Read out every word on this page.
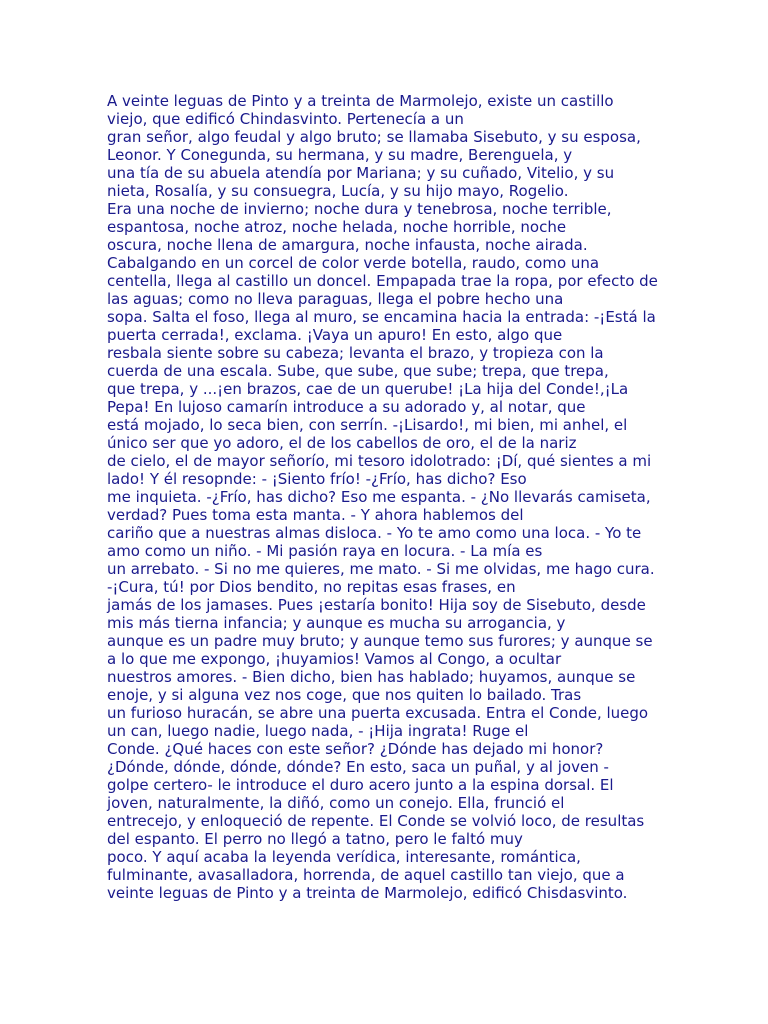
A veinte leguas de Pinto y a treinta de Marmolejo, existe un castillo
viejo, que edificó Chindasvinto. Pertenecía a un
gran señor, algo feudal y algo bruto; se llamaba Sisebuto, y su esposa,
Leonor. Y Conegunda, su hermana, y su madre, Berenguela, y
una tía de su abuela atendía por Mariana; y su cuñado, Vitelio, y su
nieta, Rosalía, y su consuegra, Lucía, y su hijo mayo, Rogelio.
Era una noche de invierno; noche dura y tenebrosa, noche terrible,
espantosa, noche atroz, noche helada, noche horrible, noche
oscura, noche llena de amargura, noche infausta, noche airada.
Cabalgando en un corcel de color verde botella, raudo, como una
centella, llega al castillo un doncel. Empapada trae la ropa, por efecto de
las aguas; como no lleva paraguas, llega el pobre hecho una
sopa. Salta el foso, llega al muro, se encamina hacia la entrada: -¡Está la
puerta cerrada!, exclama. ¡Vaya un apuro! En esto, algo que
resbala siente sobre su cabeza; levanta el brazo, y tropieza con la
cuerda de una escala. Sube, que sube, que sube; trepa, que trepa,
que trepa, y ...¡en brazos, cae de un querube! ¡La hija del Conde!,¡La
Pepa! En lujoso camarín introduce a su adorado y, al notar, que
está mojado, lo seca bien, con serrín. -¡Lisardo!, mi bien, mi anhel, el
único ser que yo adoro, el de los cabellos de oro, el de la nariz
de cielo, el de mayor señorío, mi tesoro idolotrado: ¡Dí, qué sientes a mi
lado! Y él resopnde: - ¡Siento frío! -¿Frío, has dicho? Eso
me inquieta. -¿Frío, has dicho? Eso me espanta. - ¿No llevarás camiseta,
verdad? Pues toma esta manta. - Y ahora hablemos del
cariño que a nuestras almas disloca. - Yo te amo como una loca. - Yo te
amo como un niño. - Mi pasión raya en locura. - La mía es
un arrebato. - Si no me quieres, me mato. - Si me olvidas, me hago cura.
-¡Cura, tú! por Dios bendito, no repitas esas frases, en
jamás de los jamases. Pues ¡estaría bonito! Hija soy de Sisebuto, desde
mis más tierna infancia; y aunque es mucha su arrogancia, y
aunque es un padre muy bruto; y aunque temo sus furores; y aunque se
a lo que me expongo, ¡huyamios! Vamos al Congo, a ocultar
nuestros amores. - Bien dicho, bien has hablado; huyamos, aunque se
enoje, y si alguna vez nos coge, que nos quiten lo bailado. Tras
un furioso huracán, se abre una puerta excusada. Entra el Conde, luego
un can, luego nadie, luego nada, - ¡Hija ingrata! Ruge el
Conde. ¿Qué haces con este señor? ¿Dónde has dejado mi honor?
¿Dónde, dónde, dónde, dónde? En esto, saca un puñal, y al joven -
golpe certero- le introduce el duro acero junto a la espina dorsal. El
joven, naturalmente, la diñó, como un conejo. Ella, frunció el
entrecejo, y enloqueció de repente. El Conde se volvió loco, de resultas
del espanto. El perro no llegó a tatno, pero le faltó muy
poco. Y aquí acaba la leyenda verídica, interesante, romántica,
fulminante, avasalladora, horrenda, de aquel castillo tan viejo, que a
veinte leguas de Pinto y a treinta de Marmolejo, edificó Chisdasvinto.
